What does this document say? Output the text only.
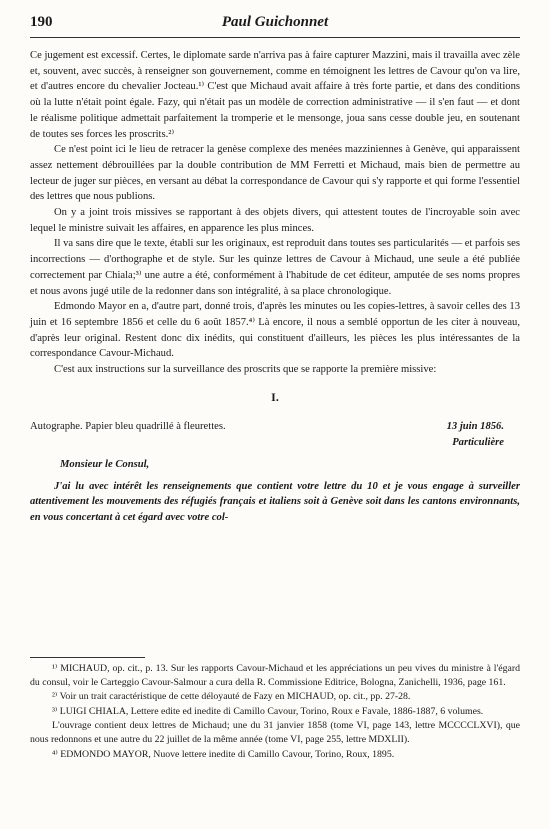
190	Paul Guichonnet

Ce jugement est excessif. Certes, le diplomate sarde n'arriva pas à faire capturer Mazzini, mais il travailla avec zèle et, souvent, avec succès, à renseigner son gouvernement, comme en témoignent les lettres de Cavour qu'on va lire, et d'autres encore du chevalier Jocteau.¹⁾ C'est que Michaud avait affaire à très forte partie, et dans des conditions où la lutte n'était point égale. Fazy, qui n'était pas un modèle de correction administrative — il s'en faut — et dont le réalisme politique admettait parfaitement la tromperie et le mensonge, joua sans cesse double jeu, en soutenant de toutes ses forces les proscrits.²⁾

Ce n'est point ici le lieu de retracer la genèse complexe des menées mazziniennes à Genève, qui apparaissent assez nettement débrouillées par la double contribution de MM Ferretti et Michaud, mais bien de permettre au lecteur de juger sur pièces, en versant au débat la correspondance de Cavour qui s'y rapporte et qui forme l'essentiel des lettres que nous publions.

On y a joint trois missives se rapportant à des objets divers, qui attestent toutes de l'incroyable soin avec lequel le ministre suivait les affaires, en apparence les plus minces.

Il va sans dire que le texte, établi sur les originaux, est reproduit dans toutes ses particularités — et parfois ses incorrections — d'orthographe et de style. Sur les quinze lettres de Cavour à Michaud, une seule a été publiée correctement par Chiala;³⁾ une autre a été, conformément à l'habitude de cet éditeur, amputée de ses noms propres et nous avons jugé utile de la redonner dans son intégralité, à sa place chronologique.

Edmondo Mayor en a, d'autre part, donné trois, d'après les minutes ou les copies-lettres, à savoir celles des 13 juin et 16 septembre 1856 et celle du 6 août 1857.⁴⁾ Là encore, il nous a semblé opportun de les citer à nouveau, d'après leur original. Restent donc dix inédits, qui constituent d'ailleurs, les pièces les plus intéressantes de la correspondance Cavour-Michaud.

C'est aux instructions sur la surveillance des proscrits que se rapporte la première missive:

I.
Autographe. Papier bleu quadrillé à fleurettes.	13 juin 1856.
Particulière
Monsieur le Consul,

J'ai lu avec intérêt les renseignements que contient votre lettre du 10 et je vous engage à surveiller attentivement les mouvements des réfugiés français et italiens soit à Genève soit dans les cantons environnants, en vous concertant à cet égard avec votre col-

¹⁾ MICHAUD, op. cit., p. 13. Sur les rapports Cavour-Michaud et les appréciations un peu vives du ministre à l'égard du consul, voir le Carteggio Cavour-Salmour a cura della R. Commissione Editrice, Bologna, Zanichelli, 1936, page 161.

²⁾ Voir un trait caractéristique de cette déloyauté de Fazy en MICHAUD, op. cit., pp. 27-28.

³⁾ LUIGI CHIALA, Lettere edite ed inedite di Camillo Cavour, Torino, Roux e Favale, 1886-1887, 6 volumes.

L'ouvrage contient deux lettres de Michaud; une du 31 janvier 1858 (tome VI, page 143, lettre MCCCCLXVI), que nous redonnons et une autre du 22 juillet de la même année (tome VI, page 255, lettre MDXLII).

⁴⁾ EDMONDO MAYOR, Nuove lettere inedite di Camillo Cavour, Torino, Roux, 1895.
